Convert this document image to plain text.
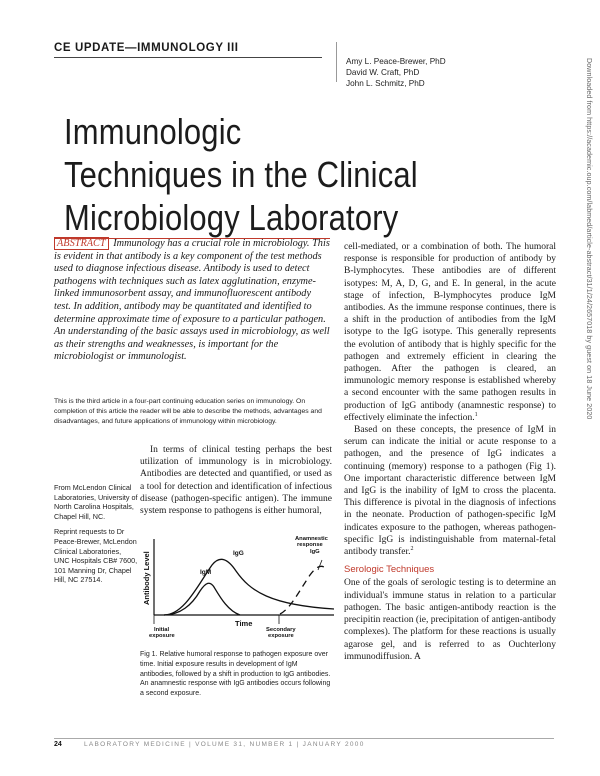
CE UPDATE—IMMUNOLOGY III
Amy L. Peace-Brewer, PhD
David W. Craft, PhD
John L. Schmitz, PhD
Immunologic
Techniques in the Clinical
Microbiology Laboratory
ABSTRACT Immunology has a crucial role in microbiology. This is evident in that antibody is a key component of the test methods used to diagnose infectious disease. Antibody is used to detect pathogens with techniques such as latex agglutination, enzyme-linked immunosorbent assay, and immunofluorescent antibody test. In addition, antibody may be quantitated and identified to determine approximate time of exposure to a particular pathogen. An understanding of the basic assays used in microbiology, as well as their strengths and weaknesses, is important for the microbiologist or immunologist.
This is the third article in a four-part continuing education series on immunology. On completion of this article the reader will be able to describe the methods, advantages and disadvantages, and future applications of immunology within microbiology.
In terms of clinical testing perhaps the best utilization of immunology is in microbiology. Antibodies are detected and quantified, or used as a tool for detection and identification of infectious disease (pathogen-specific antigen). The immune system response to pathogens is either humoral,

From McLendon Clinical Laboratories, University of North Carolina Hospitals, Chapel Hill, NC.

Reprint requests to Dr Peace-Brewer, McLendon Clinical Laboratories, UNC Hospitals CB# 7600, 101 Manning Dr, Chapel Hill, NC 27514.	Antibody Level	IgM
IgG
Anamnestic
response
IgG
Time
Initial
exposure
Secondary
exposure
Fig 1. Relative humoral response to pathogen exposure over time. Initial exposure results in development of IgM antibodies, followed by a shift in production to IgG antibodies. An anamnestic response with IgG antibodies occurs following a second exposure.

cell-mediated, or a combination of both. The humoral response is responsible for production of antibody by B-lymphocytes. These antibodies are of different isotypes: M, A, D, G, and E. In general, in the acute stage of infection, B-lymphocytes produce IgM antibodies. As the immune response continues, there is a shift in the production of antibodies from the IgM isotype to the IgG isotype. This generally represents the evolution of antibody that is highly specific for the pathogen and extremely efficient in clearing the pathogen. After the pathogen is cleared, an immunologic memory response is established whereby a second encounter with the same pathogen results in production of IgG antibody (anamnestic response) to effectively eliminate the infection.$^1$

Based on these concepts, the presence of IgM in serum can indicate the initial or acute response to a pathogen, and the presence of IgG indicates a continuing (memory) response to a pathogen (Fig 1). One important characteristic difference between IgM and IgG is the inability of IgM to cross the placenta. This difference is pivotal in the diagnosis of infections in the neonate. Production of pathogen-specific IgM indicates exposure to the pathogen, whereas pathogen-specific IgG is indistinguishable from maternal-fetal antibody transfer.$^2$

Serologic Techniques

One of the goals of serologic testing is to determine an individual's immune status in relation to a particular pathogen. The basic antigen-antibody reaction is the precipitin reaction (ie, precipitation of antigen-antibody complexes). The platform for these reactions is usually agarose gel, and is referred to as Ouchterlony immunodiffusion. A

Downloaded from https://academic.oup.com/labmed/article-abstract/31/1/24/2657018 by guest on 18 June 2020
24	LABORATORY MEDICINE | VOLUME 31, NUMBER 1 | JANUARY 2000
